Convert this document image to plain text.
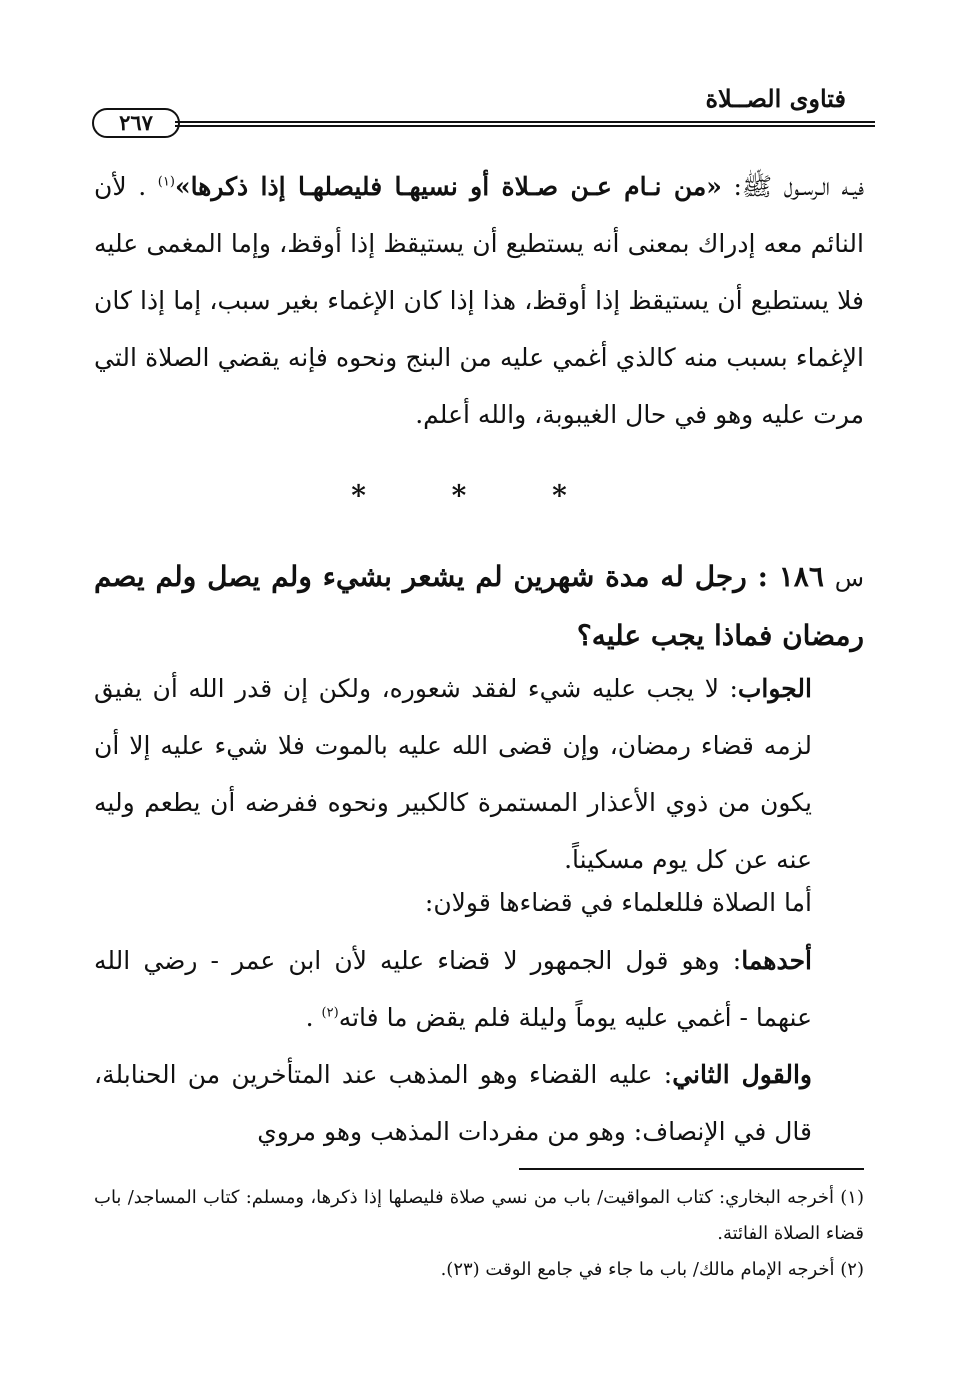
فتاوى الصــلاة
٢٦٧
فيـه الـرسـول ﷺ: «من نـام عـن صـلاة أو نسيهـا فليصلهـا إذا ذكرها»$^{(١)}$ . لأن النائم معه إدراك بمعنى أنه يستطيع أن يستيقظ إذا أوقظ، وإما المغمى عليه فلا يستطيع أن يستيقظ إذا أوقظ، هذا إذا كان الإغماء بغير سبب، إما إذا كان الإغماء بسبب منه كالذي أغمي عليه من البنج ونحوه فإنه يقضي الصلاة التي مرت عليه وهو في حال الغيبوبة، والله أعلم.
* * *
س ١٨٦ : رجل له مدة شهرين لم يشعر بشيء ولم يصل ولم يصم رمضان فماذا يجب عليه؟
الجواب: لا يجب عليه شيء لفقد شعوره، ولكن إن قدر الله أن يفيق لزمه قضاء رمضان، وإن قضى الله عليه بالموت فلا شيء عليه إلا أن يكون من ذوي الأعذار المستمرة كالكبير ونحوه ففرضه أن يطعم وليه عنه عن كل يوم مسكيناً.
أما الصلاة فللعلماء في قضاءها قولان:
أحدهما: وهو قول الجمهور لا قضاء عليه لأن ابن عمر - رضي الله عنهما - أغمي عليه يوماً وليلة فلم يقض ما فاته$^{(٢)}$ .
والقول الثاني: عليه القضاء وهو المذهب عند المتأخرين من الحنابلة، قال في الإنصاف: وهو من مفردات المذهب وهو مروي
(١) أخرجه البخاري: كتاب المواقيت/ باب من نسي صلاة فليصلها إذا ذكرها، ومسلم: كتاب المساجد/ باب قضاء الصلاة الفائتة.
(٢) أخرجه الإمام مالك/ باب ما جاء في جامع الوقت (٢٣).
